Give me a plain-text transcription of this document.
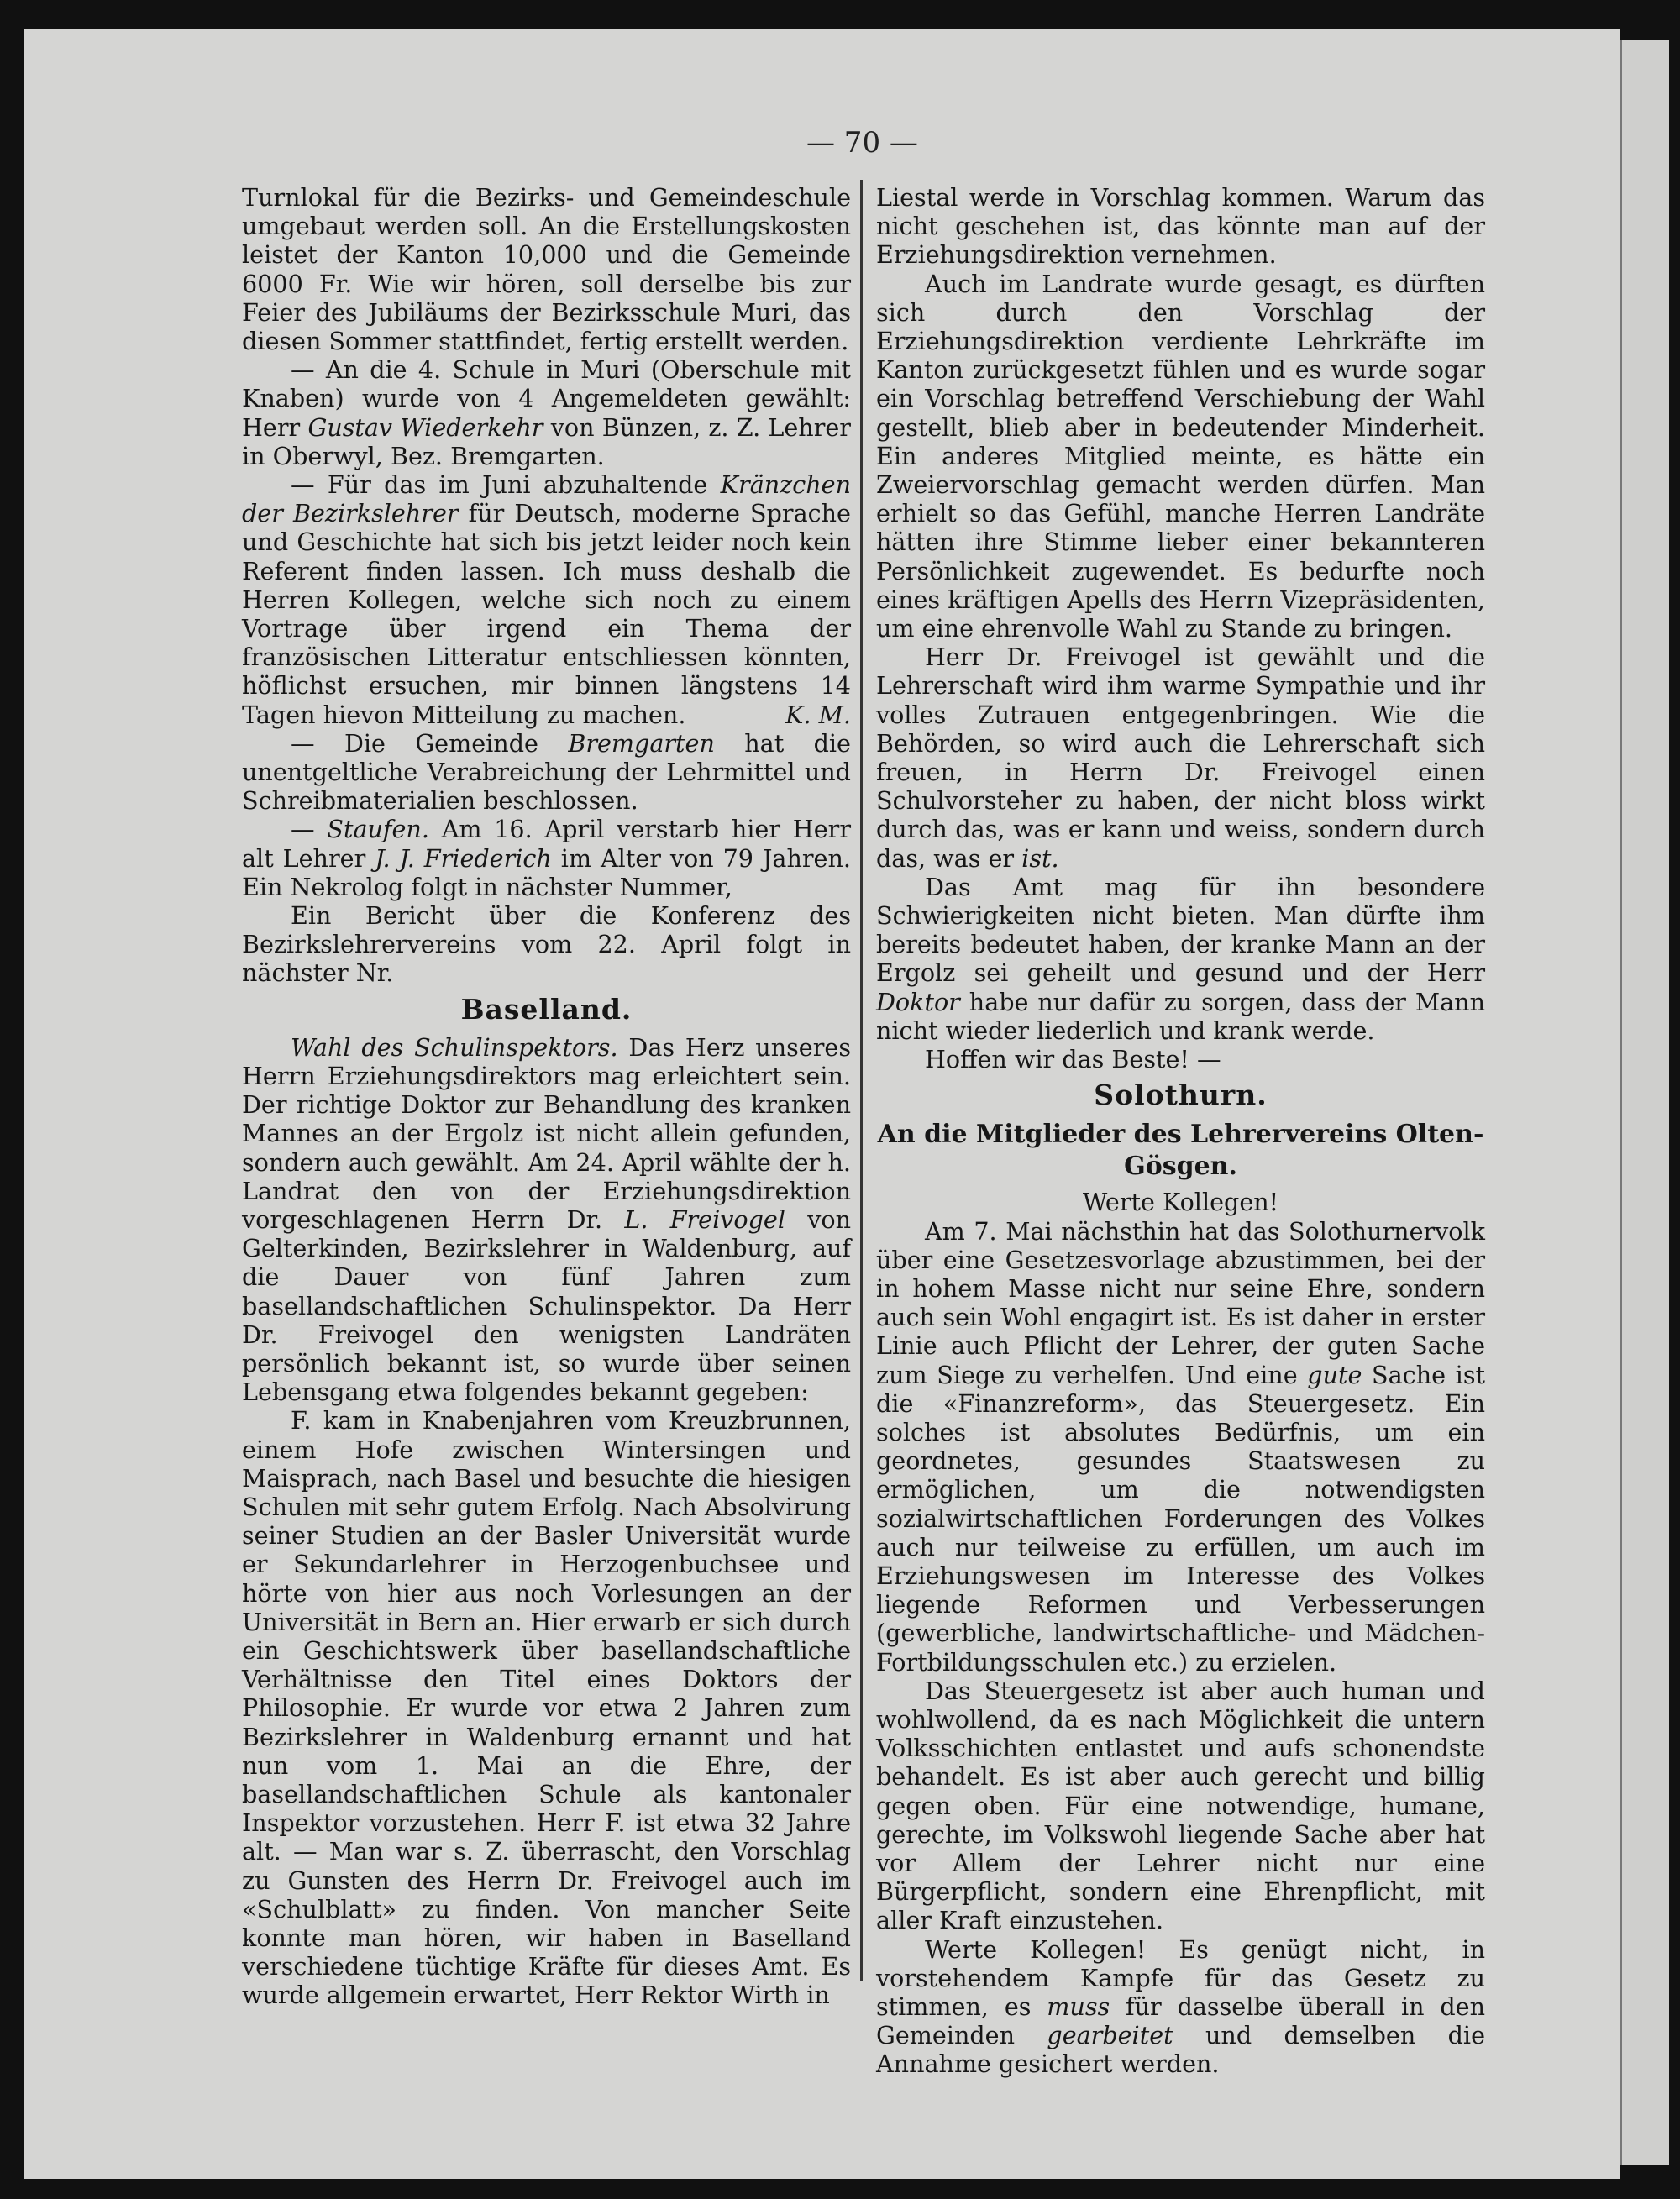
— 70 —

Turnlokal für die Bezirks- und Gemeindeschule umgebaut werden soll. An die Erstellungskosten leistet der Kanton 10,000 und die Gemeinde 6000 Fr. Wie wir hören, soll derselbe bis zur Feier des Jubiläums der Bezirksschule Muri, das diesen Sommer stattfindet, fertig erstellt werden.

— An die 4. Schule in Muri (Oberschule mit Knaben) wurde von 4 Angemeldeten gewählt: Herr Gustav Wiederkehr von Bünzen, z. Z. Lehrer in Oberwyl, Bez. Bremgarten.

— Für das im Juni abzuhaltende Kränzchen der Bezirkslehrer für Deutsch, moderne Sprache und Geschichte hat sich bis jetzt leider noch kein Referent finden lassen. Ich muss deshalb die Herren Kollegen, welche sich noch zu einem Vortrage über irgend ein Thema der französischen Litteratur entschliessen könnten, höflichst ersuchen, mir binnen längstens 14 Tagen hievon Mitteilung zu machen.	K. M.

— Die Gemeinde Bremgarten hat die unentgeltliche Verabreichung der Lehrmittel und Schreibmaterialien beschlossen.

— Staufen. Am 16. April verstarb hier Herr alt Lehrer J. J. Friederich im Alter von 79 Jahren. Ein Nekrolog folgt in nächster Nummer,

Ein Bericht über die Konferenz des Bezirkslehrervereins vom 22. April folgt in nächster Nr.

Baselland.

Wahl des Schulinspektors. Das Herz unseres Herrn Erziehungsdirektors mag erleichtert sein. Der richtige Doktor zur Behandlung des kranken Mannes an der Ergolz ist nicht allein gefunden, sondern auch gewählt. Am 24. April wählte der h. Landrat den von der Erziehungsdirektion vorgeschlagenen Herrn Dr. L. Freivogel von Gelterkinden, Bezirkslehrer in Waldenburg, auf die Dauer von fünf Jahren zum basellandschaftlichen Schulinspektor. Da Herr Dr. Freivogel den wenigsten Landräten persönlich bekannt ist, so wurde über seinen Lebensgang etwa folgendes bekannt gegeben:

F. kam in Knabenjahren vom Kreuzbrunnen, einem Hofe zwischen Wintersingen und Maisprach, nach Basel und besuchte die hiesigen Schulen mit sehr gutem Erfolg. Nach Absolvirung seiner Studien an der Basler Universität wurde er Sekundarlehrer in Herzogenbuchsee und hörte von hier aus noch Vorlesungen an der Universität in Bern an. Hier erwarb er sich durch ein Geschichtswerk über basellandschaftliche Verhältnisse den Titel eines Doktors der Philosophie. Er wurde vor etwa 2 Jahren zum Bezirkslehrer in Waldenburg ernannt und hat nun vom 1. Mai an die Ehre, der basellandschaftlichen Schule als kantonaler Inspektor vorzustehen. Herr F. ist etwa 32 Jahre alt. — Man war s. Z. überrascht, den Vorschlag zu Gunsten des Herrn Dr. Freivogel auch im «Schulblatt» zu finden. Von mancher Seite konnte man hören, wir haben in Baselland verschiedene tüchtige Kräfte für dieses Amt. Es wurde allgemein erwartet, Herr Rektor Wirth in

Liestal werde in Vorschlag kommen. Warum das nicht geschehen ist, das könnte man auf der Erziehungsdirektion vernehmen.

Auch im Landrate wurde gesagt, es dürften sich durch den Vorschlag der Erziehungsdirektion verdiente Lehrkräfte im Kanton zurückgesetzt fühlen und es wurde sogar ein Vorschlag betreffend Verschiebung der Wahl gestellt, blieb aber in bedeutender Minderheit. Ein anderes Mitglied meinte, es hätte ein Zweiervorschlag gemacht werden dürfen. Man erhielt so das Gefühl, manche Herren Landräte hätten ihre Stimme lieber einer bekannteren Persönlichkeit zugewendet. Es bedurfte noch eines kräftigen Apells des Herrn Vizepräsidenten, um eine ehrenvolle Wahl zu Stande zu bringen.

Herr Dr. Freivogel ist gewählt und die Lehrerschaft wird ihm warme Sympathie und ihr volles Zutrauen entgegenbringen. Wie die Behörden, so wird auch die Lehrerschaft sich freuen, in Herrn Dr. Freivogel einen Schulvorsteher zu haben, der nicht bloss wirkt durch das, was er kann und weiss, sondern durch das, was er ist.

Das Amt mag für ihn besondere Schwierigkeiten nicht bieten. Man dürfte ihm bereits bedeutet haben, der kranke Mann an der Ergolz sei geheilt und gesund und der Herr Doktor habe nur dafür zu sorgen, dass der Mann nicht wieder liederlich und krank werde.

Hoffen wir das Beste! —

Solothurn.
An die Mitglieder des Lehrervereins Olten-Gösgen.

Werte Kollegen!

Am 7. Mai nächsthin hat das Solothurnervolk über eine Gesetzesvorlage abzustimmen, bei der in hohem Masse nicht nur seine Ehre, sondern auch sein Wohl engagirt ist. Es ist daher in erster Linie auch Pflicht der Lehrer, der guten Sache zum Siege zu verhelfen. Und eine gute Sache ist die «Finanzreform», das Steuergesetz. Ein solches ist absolutes Bedürfnis, um ein geordnetes, gesundes Staatswesen zu ermöglichen, um die notwendigsten sozialwirtschaftlichen Forderungen des Volkes auch nur teilweise zu erfüllen, um auch im Erziehungswesen im Interesse des Volkes liegende Reformen und Verbesserungen (gewerbliche, landwirtschaftliche- und Mädchen-Fortbildungsschulen etc.) zu erzielen.

Das Steuergesetz ist aber auch human und wohlwollend, da es nach Möglichkeit die untern Volksschichten entlastet und aufs schonendste behandelt. Es ist aber auch gerecht und billig gegen oben. Für eine notwendige, humane, gerechte, im Volkswohl liegende Sache aber hat vor Allem der Lehrer nicht nur eine Bürgerpflicht, sondern eine Ehrenpflicht, mit aller Kraft einzustehen.

Werte Kollegen! Es genügt nicht, in vorstehendem Kampfe für das Gesetz zu stimmen, es muss für dasselbe überall in den Gemeinden gearbeitet und demselben die Annahme gesichert werden.
